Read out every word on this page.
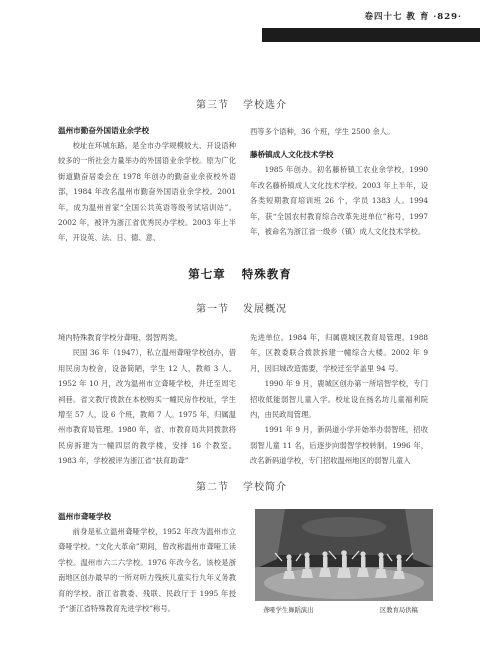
卷四十七 教 育 ·829·
第三节 学校选介
温州市勤奋外国语业余学校

校址在环城东路。是全市办学规模较大、开设语种较多的一所社会力量举办的外国语业余学校。原为广化街道勤奋居委会在 1978 年创办的勤奋业余夜校外语部，1984 年改名温州市勤奋外国语业余学校。2001 年，成为温州首家“全国公共英语等级考试培训站”。2002 年，被评为浙江省优秀民办学校。2003 年上半年，开设英、法、日、德、意、

西等多个语种，36 个班，学生 2500 余人。

藤桥镇成人文化技术学校

1985 年创办。初名藤桥镇工农业余学校，1990 年改名藤桥镇成人文化技术学校。2003 年上半年，设各类短期教育培训班 26 个，学员 1383 人。1994 年，获“全国农村教育综合改革先进单位”称号，1997 年，被命名为浙江省一级乡（镇）成人文化技术学校。

第七章 特殊教育
第一节 发展概况

境内特殊教育学校分聋哑、弱智两类。

民国 36 年（1947），私立温州聋哑学校创办，借用民房为校舍，设备简陋，学生 12 人，教师 3 人。1952 年 10 月，改为温州市立聋哑学校，并迁至周宅祠巷。省文教厅拨款在本校购买一幢民房作校址，学生增至 57 人，设 6 个班，教师 7 人。1975 年，归属温州市教育局管理。1980 年，省、市教育局共同拨款将民房拆建为一幢四层的教学楼，安排 16 个教室。1983 年，学校被评为浙江省“扶育助聋”

先进单位。1984 年，归属鹿城区教育局管理。1988 年，区教委联合拨款拆建一幢综合大楼。2002 年 9 月，因旧城改造需要，学校迁至学盖里 94 号。

1990 年 9 月，鹿城区创办第一所培智学校，专门招收低能弱智儿童入学。校址设在扬名坊儿童福利院内，由民政局管理。

1991 年 9 月，新码道小学开始举办弱智班，招收弱智儿童 11 名，后逐步向弱智学校转制。1996 年，改名新码道学校，专门招收温州地区的弱智儿童入

第二节 学校简介
温州市聋哑学校

前身是私立温州聋哑学校，1952 年改为温州市立聋哑学校。“文化大革命”期间，曾改称温州市聋哑工读学校。温州市六二六学校。1976 年改今名。该校是浙南地区创办最早的一所对听力残疾儿童实行九年义务教育的学校。浙江省教委、残联、民政厅于 1995 年授予“浙江省特殊教育先进学校”称号。	聋哑学生舞蹈演出	区教育局供稿
